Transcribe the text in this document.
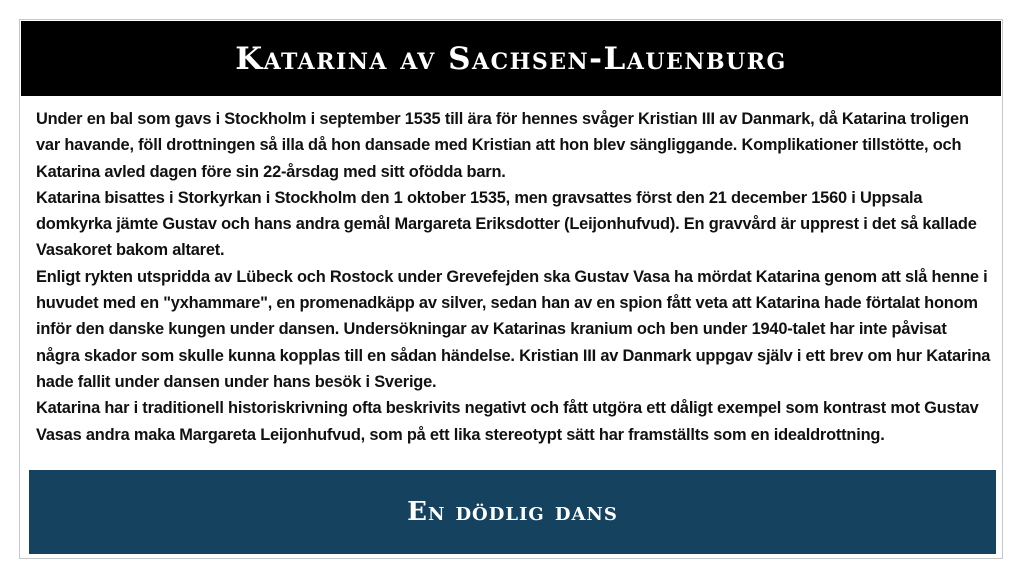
Katarina av Sachsen-Lauenburg

Under en bal som gavs i Stockholm i september 1535 till ära för hennes svåger Kristian III av Danmark, då Katarina troligen var havande, föll drottningen så illa då hon dansade med Kristian att hon blev sängliggande. Komplikationer tillstötte, och Katarina avled dagen före sin 22-årsdag med sitt ofödda barn.

Katarina bisattes i Storkyrkan i Stockholm den 1 oktober 1535, men gravsattes först den 21 december 1560 i Uppsala domkyrka jämte Gustav och hans andra gemål Margareta Eriksdotter (Leijonhufvud). En gravvård är upprest i det så kallade Vasakoret bakom altaret.

Enligt rykten utspridda av Lübeck och Rostock under Grevefejden ska Gustav Vasa ha mördat Katarina genom att slå henne i huvudet med en "yxhammare", en promenadkäpp av silver, sedan han av en spion fått veta att Katarina hade förtalat honom inför den danske kungen under dansen. Undersökningar av Katarinas kranium och ben under 1940-talet har inte påvisat några skador som skulle kunna kopplas till en sådan händelse. Kristian III av Danmark uppgav själv i ett brev om hur Katarina hade fallit under dansen under hans besök i Sverige.

Katarina har i traditionell historiskrivning ofta beskrivits negativt och fått utgöra ett dåligt exempel som kontrast mot Gustav Vasas andra maka Margareta Leijonhufvud, som på ett lika stereotypt sätt har framställts som en idealdrottning.

En dödlig dans
